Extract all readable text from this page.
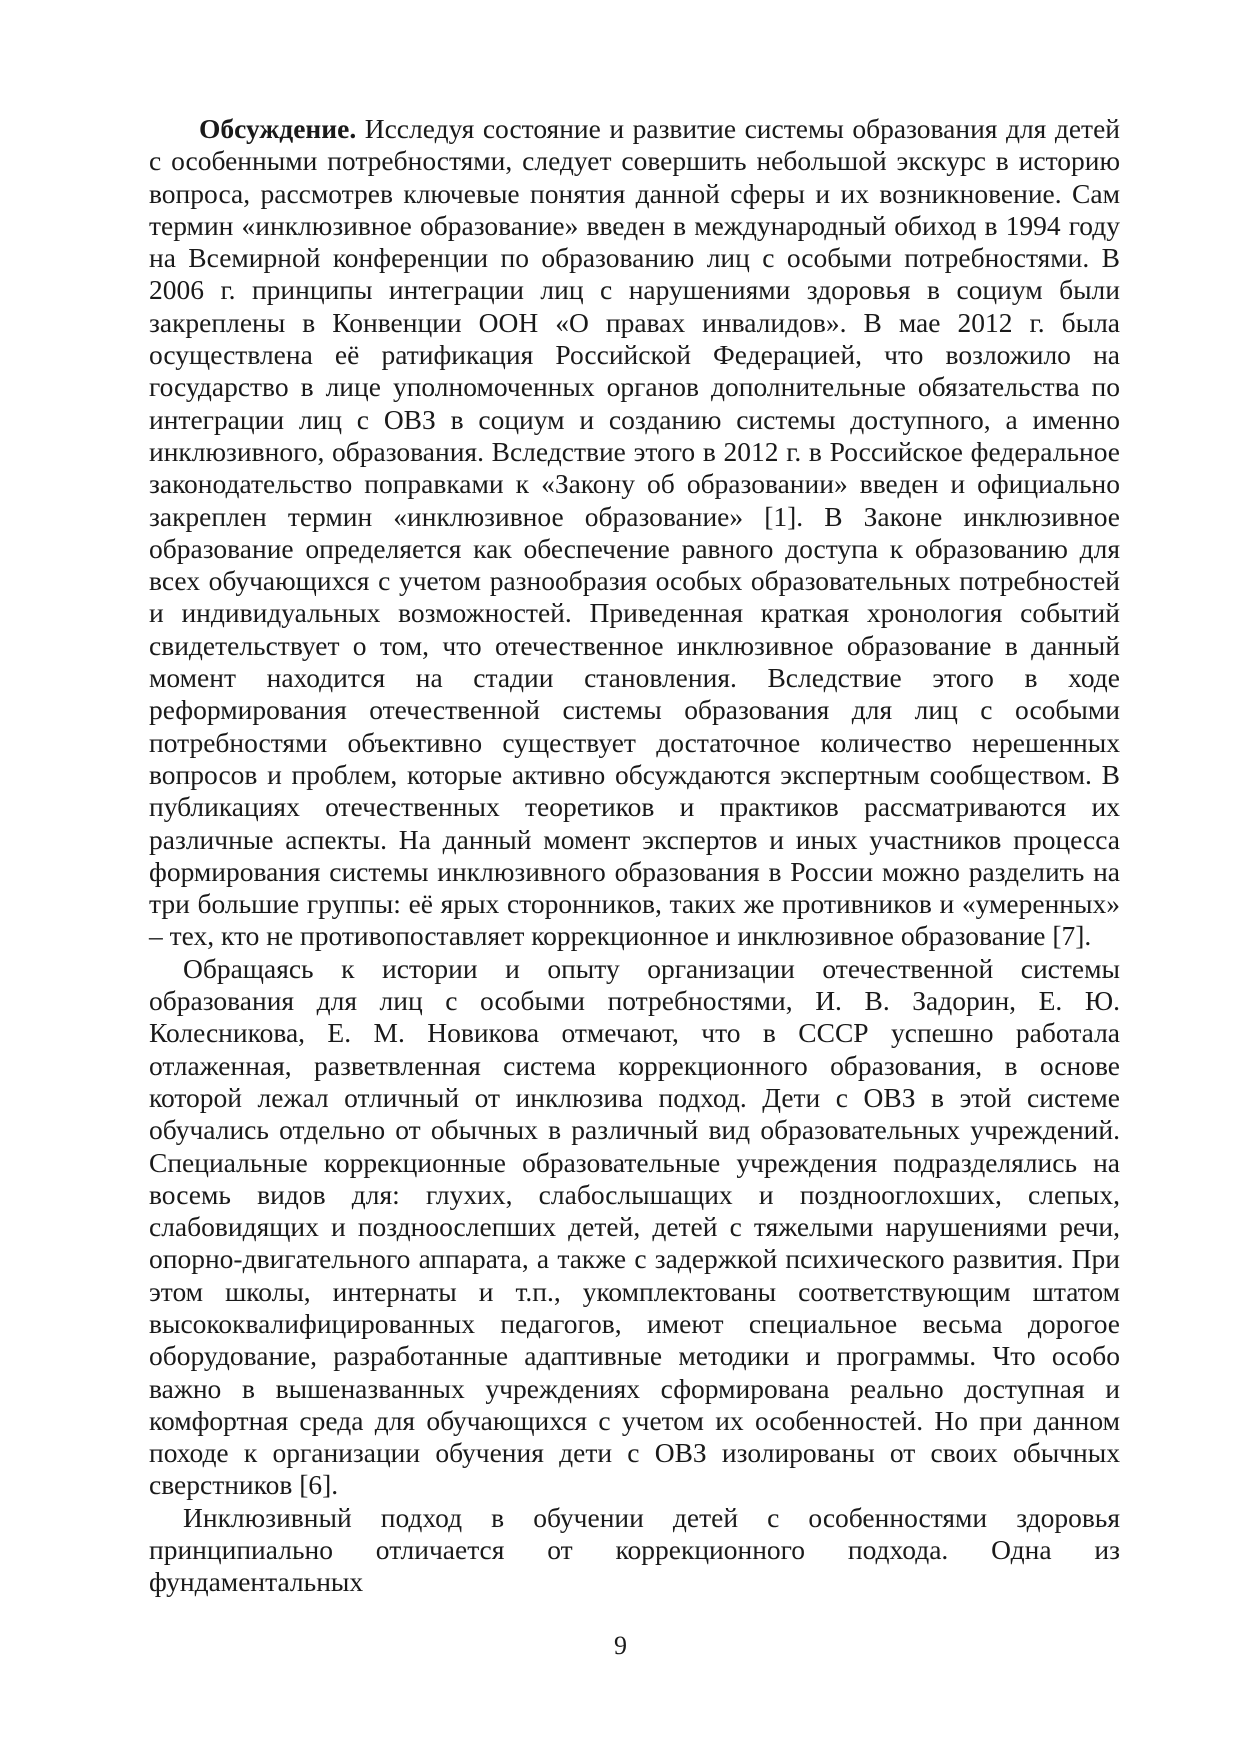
Обсуждение. Исследуя состояние и развитие системы образования для детей с особенными потребностями, следует совершить небольшой экскурс в историю вопроса, рассмотрев ключевые понятия данной сферы и их возникновение. Сам термин «инклюзивное образование» введен в международный обиход в 1994 году на Всемирной конференции по образованию лиц с особыми потребностями. В 2006 г. принципы интеграции лиц с нарушениями здоровья в социум были закреплены в Конвенции ООН «О правах инвалидов». В мае 2012 г. была осуществлена её ратификация Российской Федерацией, что возложило на государство в лице уполномоченных органов дополнительные обязательства по интеграции лиц с ОВЗ в социум и созданию системы доступного, а именно инклюзивного, образования. Вследствие этого в 2012 г. в Российское федеральное законодательство поправками к «Закону об образовании» введен и официально закреплен термин «инклюзивное образование» [1]. В Законе инклюзивное образование определяется как обеспечение равного доступа к образованию для всех обучающихся с учетом разнообразия особых образовательных потребностей и индивидуальных возможностей. Приведенная краткая хронология событий свидетельствует о том, что отечественное инклюзивное образование в данный момент находится на стадии становления. Вследствие этого в ходе реформирования отечественной системы образования для лиц с особыми потребностями объективно существует достаточное количество нерешенных вопросов и проблем, которые активно обсуждаются экспертным сообществом. В публикациях отечественных теоретиков и практиков рассматриваются их различные аспекты. На данный момент экспертов и иных участников процесса формирования системы инклюзивного образования в России можно разделить на три большие группы: её ярых сторонников, таких же противников и «умеренных» – тех, кто не противопоставляет коррекционное и инклюзивное образование [7].

Обращаясь к истории и опыту организации отечественной системы образования для лиц с особыми потребностями, И. В. Задорин, Е. Ю. Колесникова, Е. М. Новикова отмечают, что в СССР успешно работала отлаженная, разветвленная система коррекционного образования, в основе которой лежал отличный от инклюзива подход. Дети с ОВЗ в этой системе обучались отдельно от обычных в различный вид образовательных учреждений. Специальные коррекционные образовательные учреждения подразделялись на восемь видов для: глухих, слабослышащих и позднооглохших, слепых, слабовидящих и поздноослепших детей, детей с тяжелыми нарушениями речи, опорно-двигательного аппарата, а также с задержкой психического развития. При этом школы, интернаты и т.п., укомплектованы соответствующим штатом высококвалифицированных педагогов, имеют специальное весьма дорогое оборудование, разработанные адаптивные методики и программы. Что особо важно в вышеназванных учреждениях сформирована реально доступная и комфортная среда для обучающихся с учетом их особенностей. Но при данном походе к организации обучения дети с ОВЗ изолированы от своих обычных сверстников [6].

Инклюзивный подход в обучении детей с особенностями здоровья принципиально отличается от коррекционного подхода. Одна из фундаментальных

9
